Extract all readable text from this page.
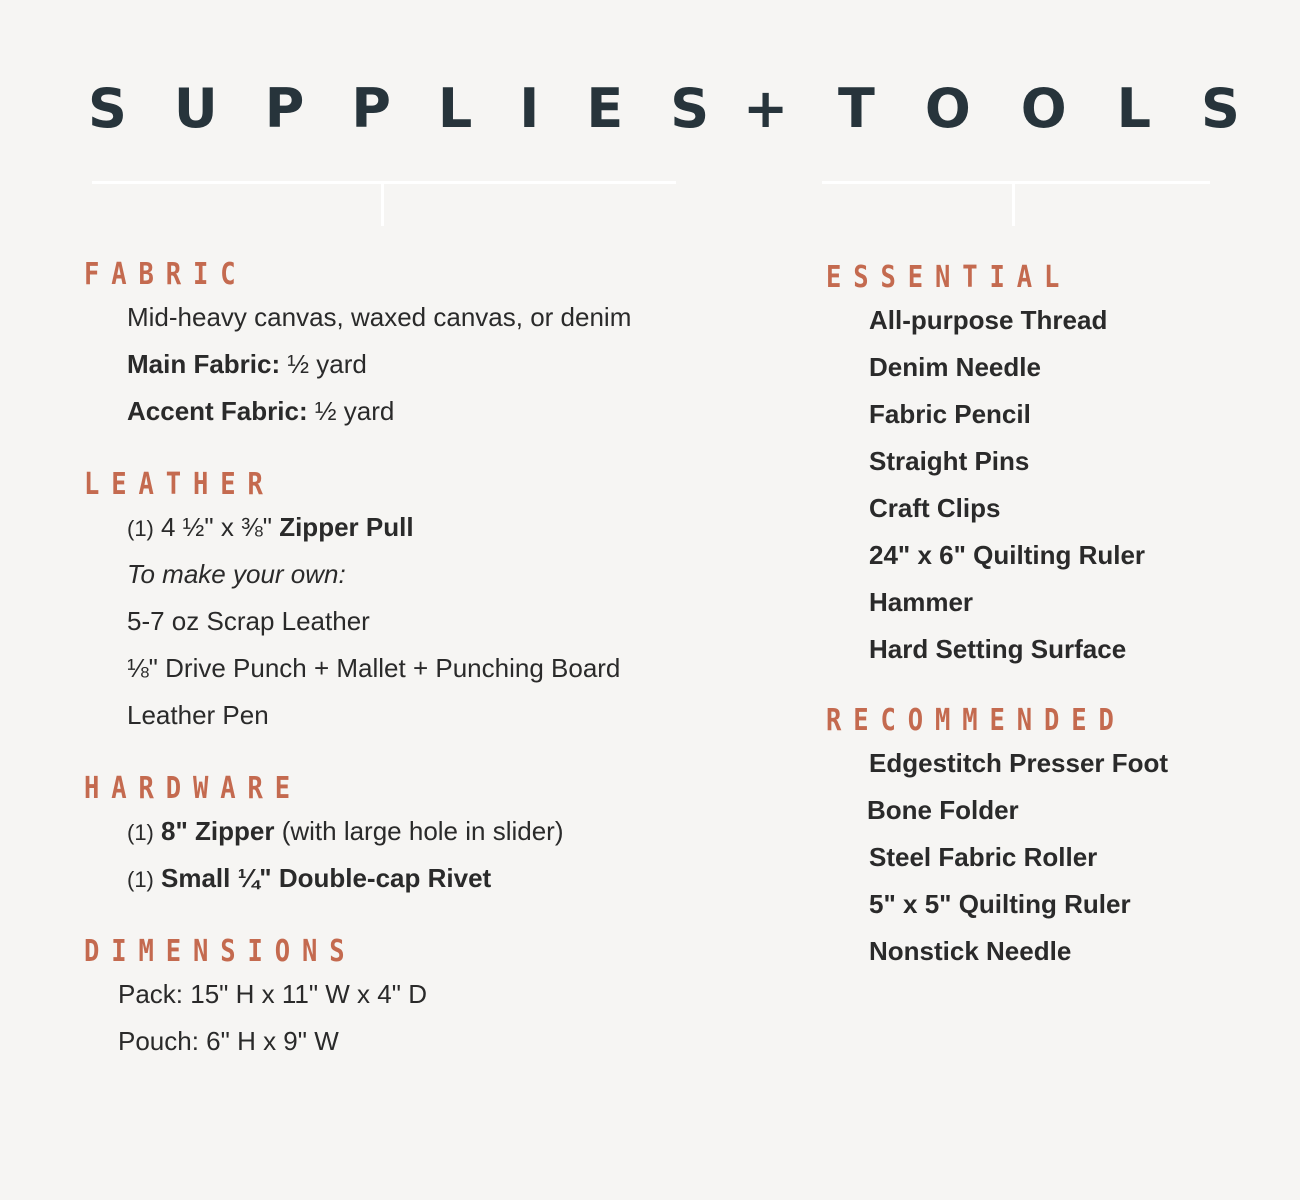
SUPPLIES
+ TOOLS
FABRIC
Mid-heavy canvas, waxed canvas, or denim
Main Fabric: ½ yard
Accent Fabric: ½ yard
LEATHER
(1) 4 ½" x ⅜" Zipper Pull
To make your own:
5-7 oz Scrap Leather
⅛" Drive Punch + Mallet + Punching Board
Leather Pen
HARDWARE
(1) 8" Zipper (with large hole in slider)
(1) Small ¼" Double-cap Rivet
DIMENSIONS
Pack: 15" H x 11" W x 4" D
Pouch: 6" H x 9" W
ESSENTIAL
All-purpose Thread
Denim Needle
Fabric Pencil
Straight Pins
Craft Clips
24" x 6" Quilting Ruler
Hammer
Hard Setting Surface
RECOMMENDED
Edgestitch Presser Foot
Bone Folder
Steel Fabric Roller
5" x 5" Quilting Ruler
Nonstick Needle
